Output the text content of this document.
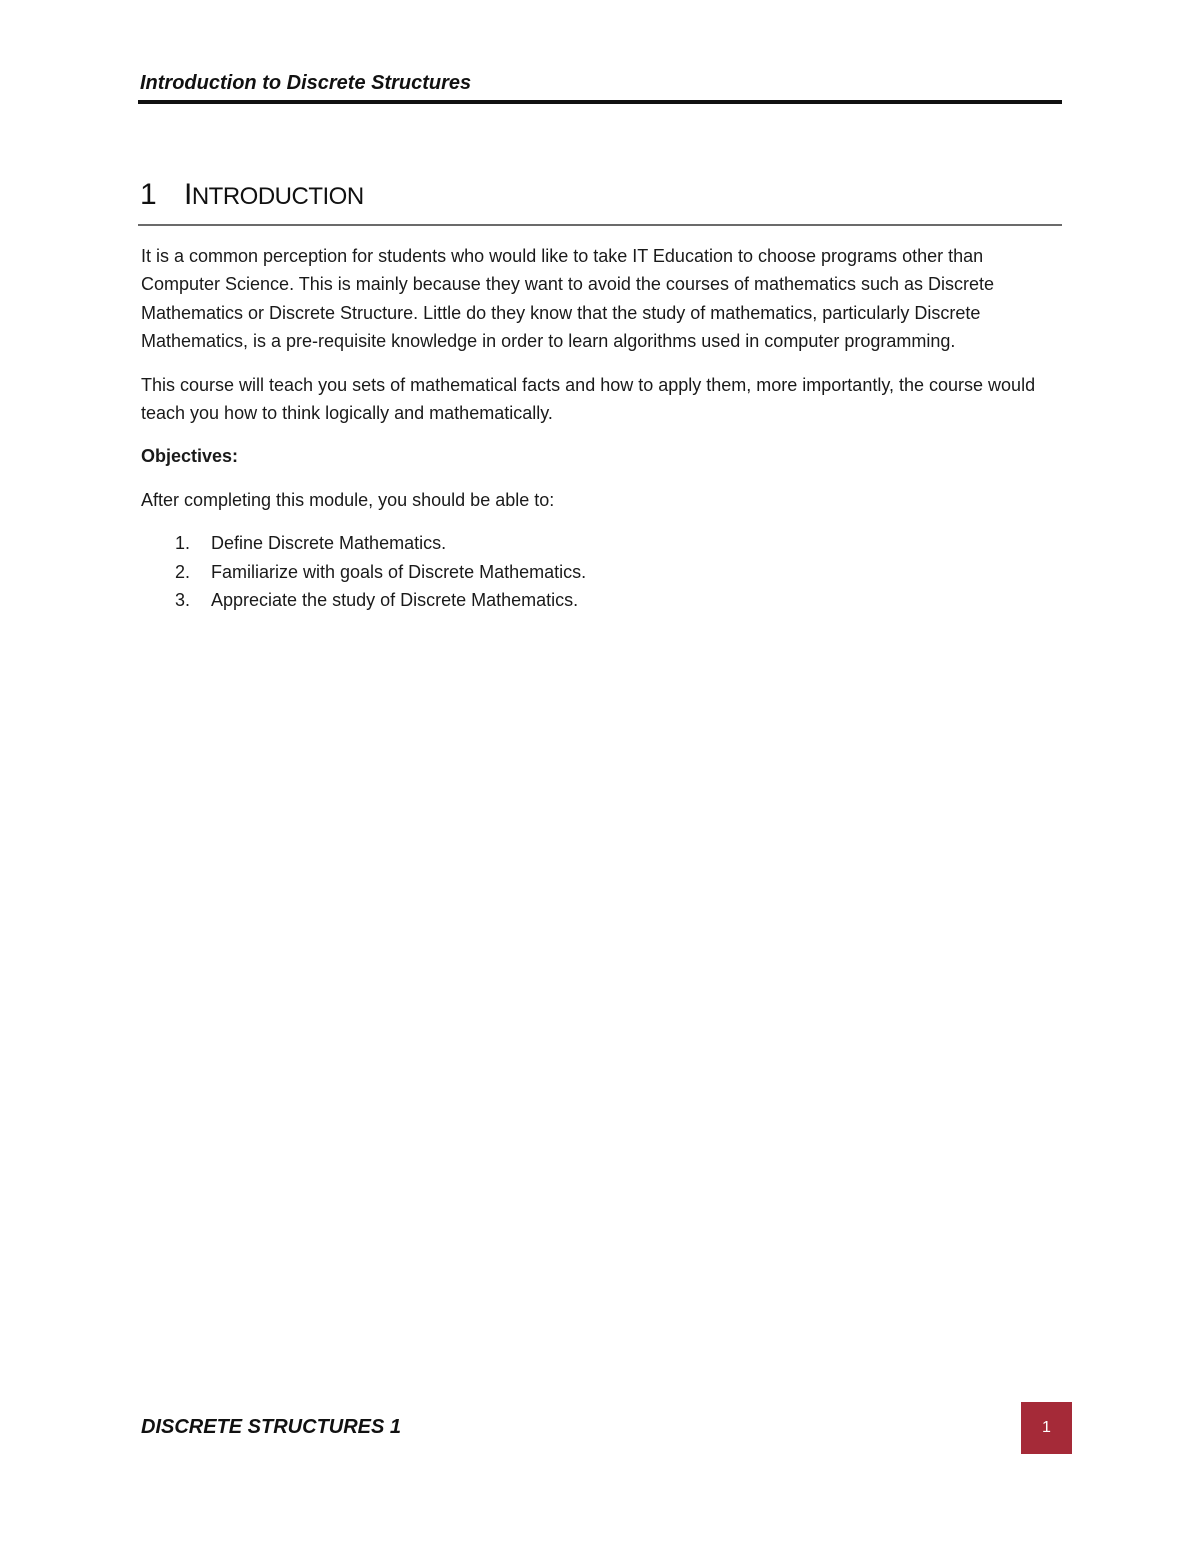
Introduction to Discrete Structures
1 INTRODUCTION

It is a common perception for students who would like to take IT Education to choose programs other than Computer Science. This is mainly because they want to avoid the courses of mathematics such as Discrete Mathematics or Discrete Structure. Little do they know that the study of mathematics, particularly Discrete Mathematics, is a pre-requisite knowledge in order to learn algorithms used in computer programming.

This course will teach you sets of mathematical facts and how to apply them, more importantly, the course would teach you how to think logically and mathematically.

Objectives:

After completing this module, you should be able to:

1.	Define Discrete Mathematics.
2.	Familiarize with goals of Discrete Mathematics.
3.	Appreciate the study of Discrete Mathematics.
DISCRETE STRUCTURES 1	1
